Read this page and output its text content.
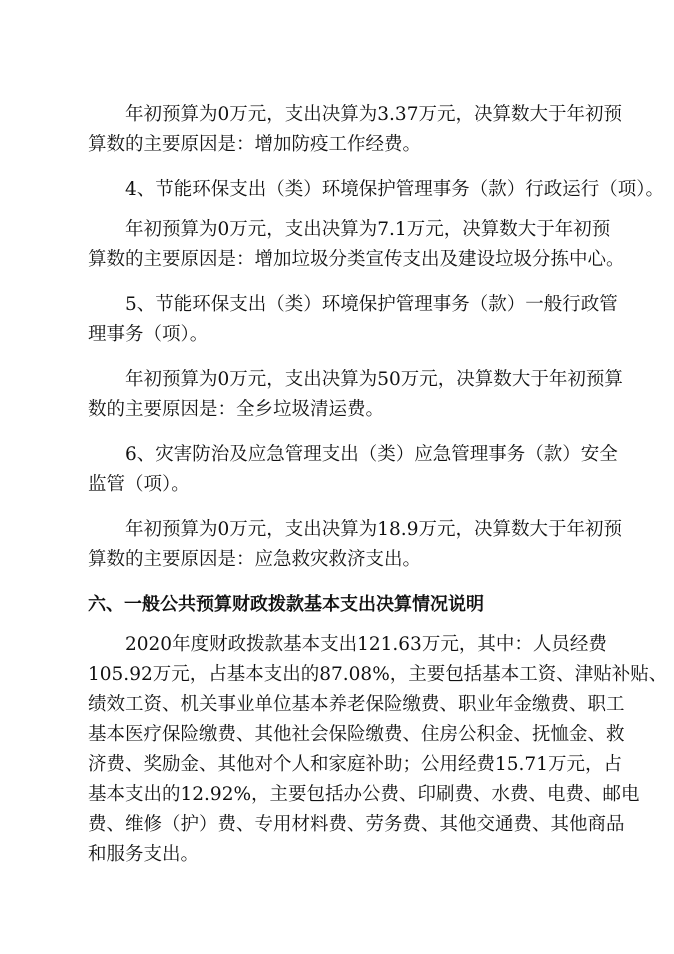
年初预算为0万元，支出决算为3.37万元，决算数大于年初预
算数的主要原因是：增加防疫工作经费。

4、节能环保支出（类）环境保护管理事务（款）行政运行（项）。

年初预算为0万元，支出决算为7.1万元，决算数大于年初预
算数的主要原因是：增加垃圾分类宣传支出及建设垃圾分拣中心。

5、节能环保支出（类）环境保护管理事务（款）一般行政管
理事务（项）。

年初预算为0万元，支出决算为50万元，决算数大于年初预算
数的主要原因是：全乡垃圾清运费。

6、灾害防治及应急管理支出（类）应急管理事务（款）安全
监管（项）。

年初预算为0万元，支出决算为18.9万元，决算数大于年初预
算数的主要原因是：应急救灾救济支出。

六、一般公共预算财政拨款基本支出决算情况说明

2020年度财政拨款基本支出121.63万元，其中：人员经费
105.92万元，占基本支出的87.08%，主要包括基本工资、津贴补贴、
绩效工资、机关事业单位基本养老保险缴费、职业年金缴费、职工
基本医疗保险缴费、其他社会保险缴费、住房公积金、抚恤金、救
济费、奖励金、其他对个人和家庭补助；公用经费15.71万元，占
基本支出的12.92%，主要包括办公费、印刷费、水费、电费、邮电
费、维修（护）费、专用材料费、劳务费、其他交通费、其他商品
和服务支出。
